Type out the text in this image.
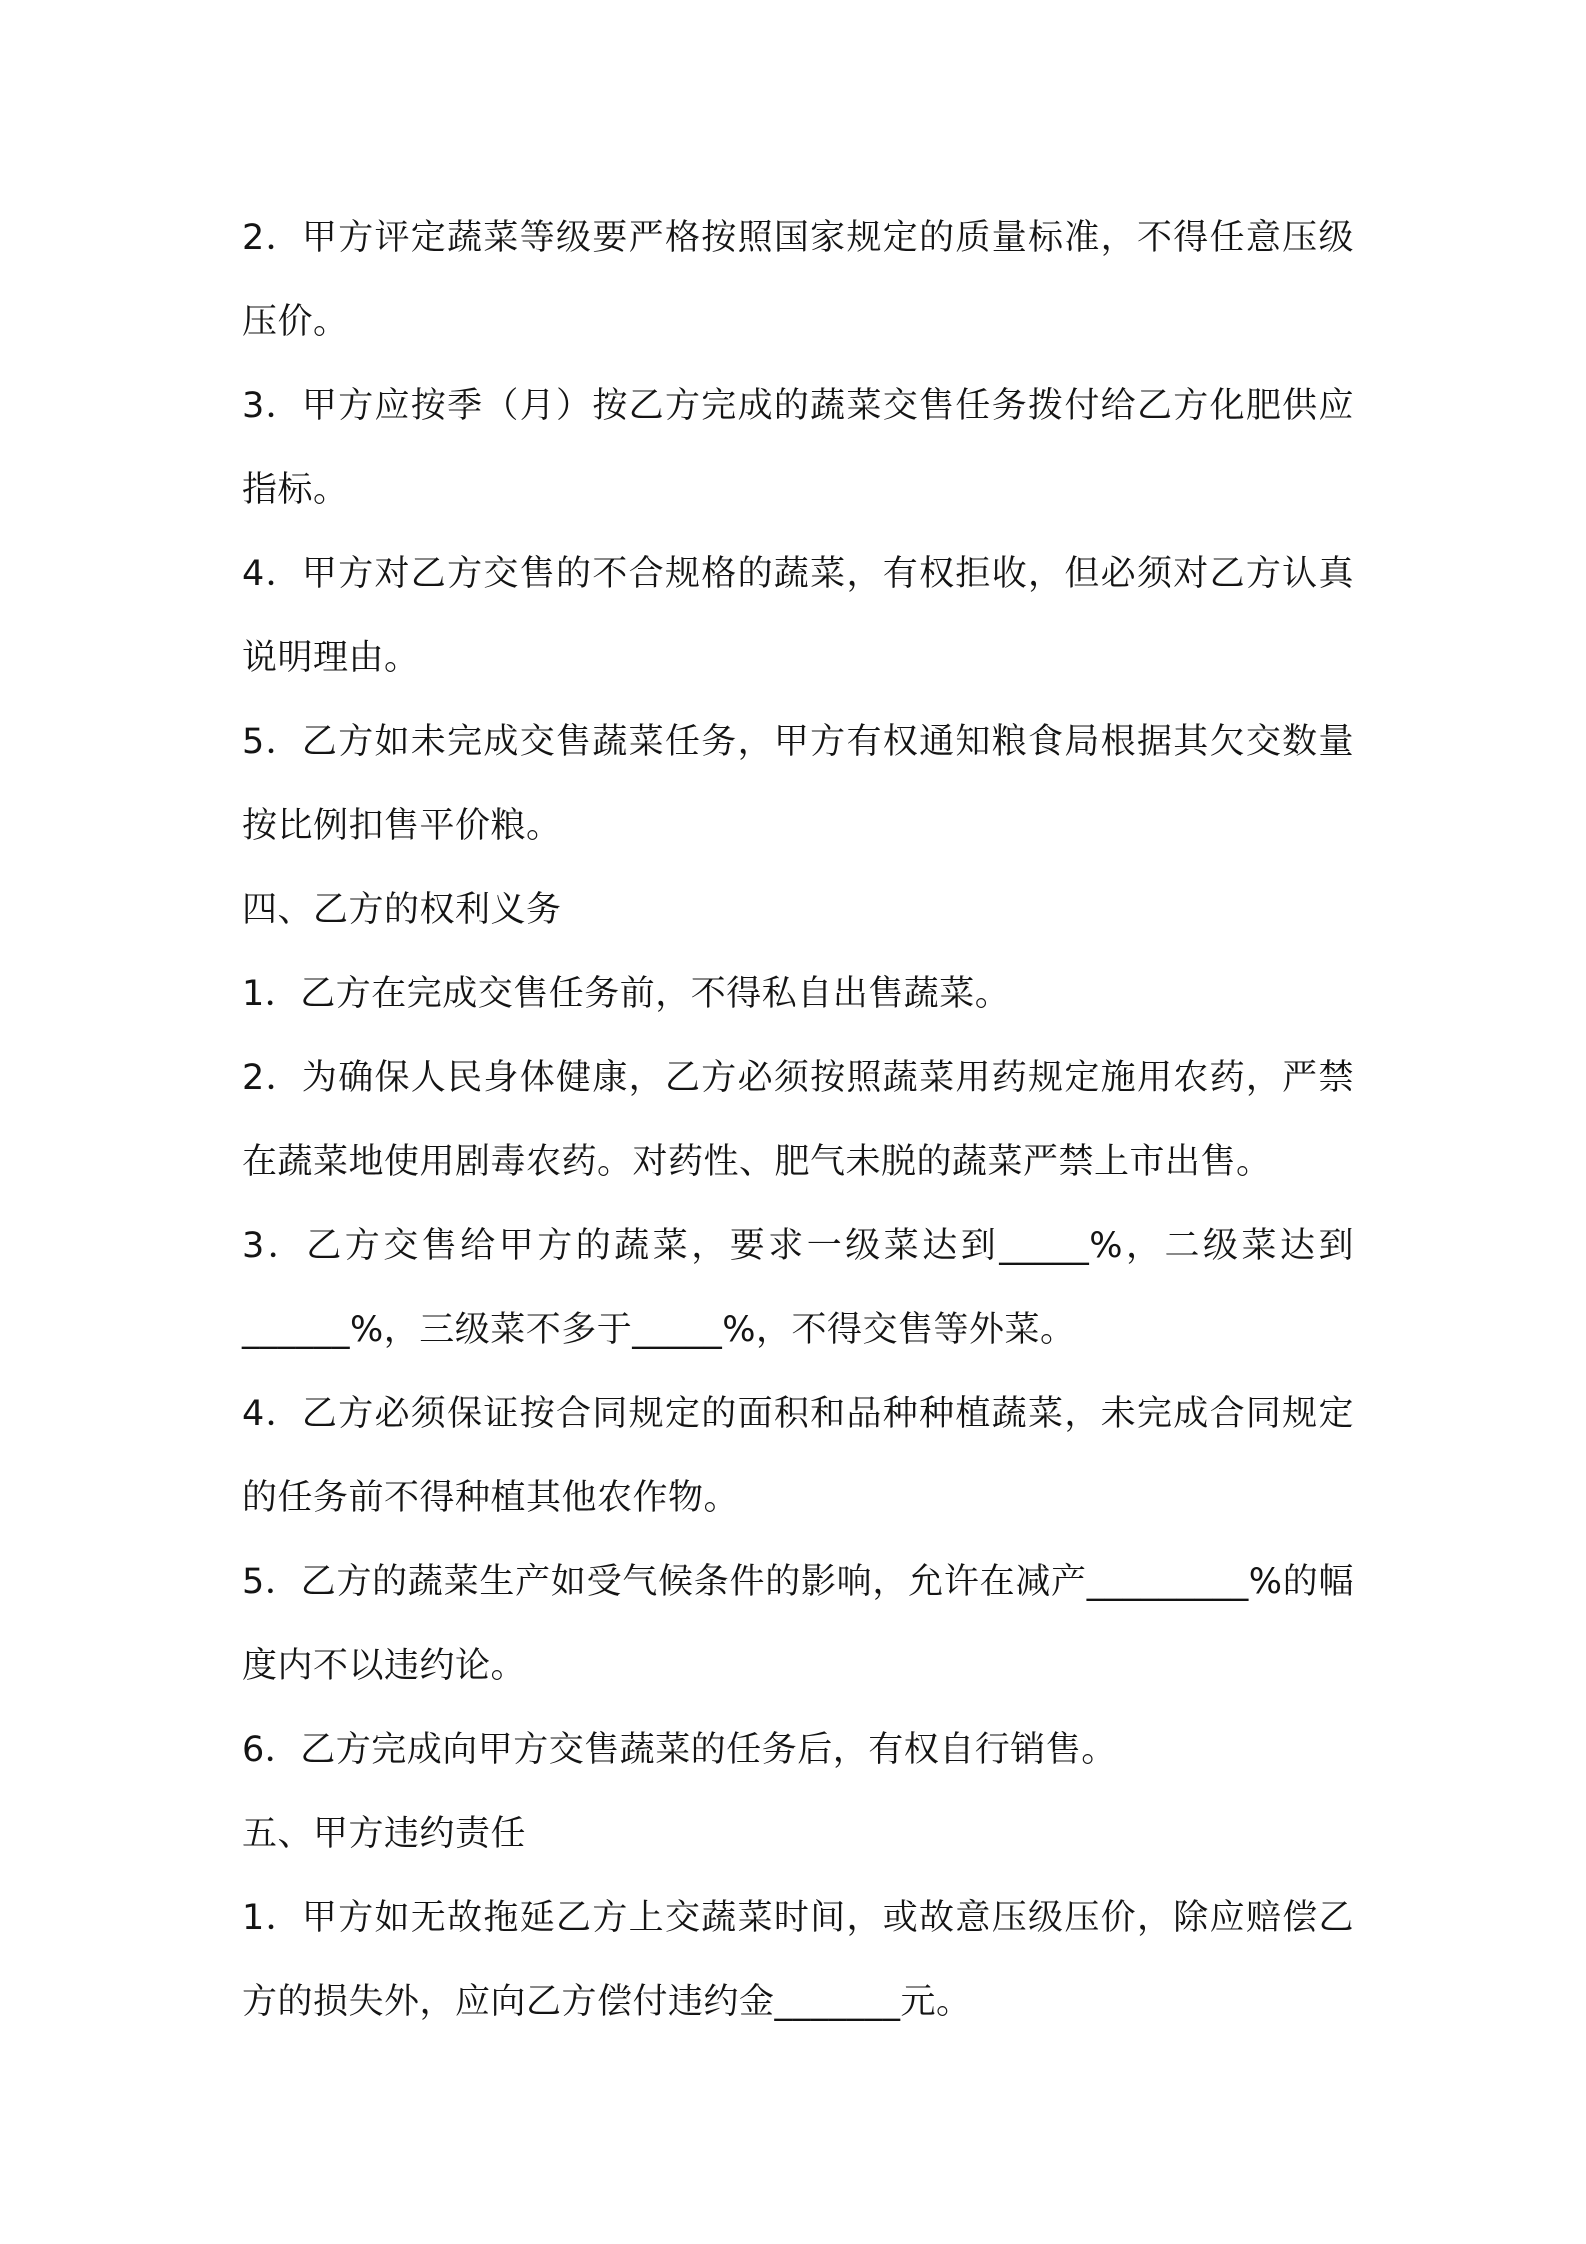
2．甲方评定蔬菜等级要严格按照国家规定的质量标准，不得任意压级压价。

3．甲方应按季（月）按乙方完成的蔬菜交售任务拨付给乙方化肥供应指标。

4．甲方对乙方交售的不合规格的蔬菜，有权拒收，但必须对乙方认真说明理由。

5．乙方如未完成交售蔬菜任务，甲方有权通知粮食局根据其欠交数量按比例扣售平价粮。

四、乙方的权利义务

1．乙方在完成交售任务前，不得私自出售蔬菜。

2．为确保人民身体健康，乙方必须按照蔬菜用药规定施用农药，严禁在蔬菜地使用剧毒农药。对药性、肥气未脱的蔬菜严禁上市出售。

3．乙方交售给甲方的蔬菜，要求一级菜达到_____%，二级菜达到______%，三级菜不多于_____%，不得交售等外菜。

4．乙方必须保证按合同规定的面积和品种种植蔬菜，未完成合同规定的任务前不得种植其他农作物。

5．乙方的蔬菜生产如受气候条件的影响，允许在减产_________%的幅度内不以违约论。

6．乙方完成向甲方交售蔬菜的任务后，有权自行销售。

五、甲方违约责任

1．甲方如无故拖延乙方上交蔬菜时间，或故意压级压价，除应赔偿乙方的损失外，应向乙方偿付违约金_______元。
